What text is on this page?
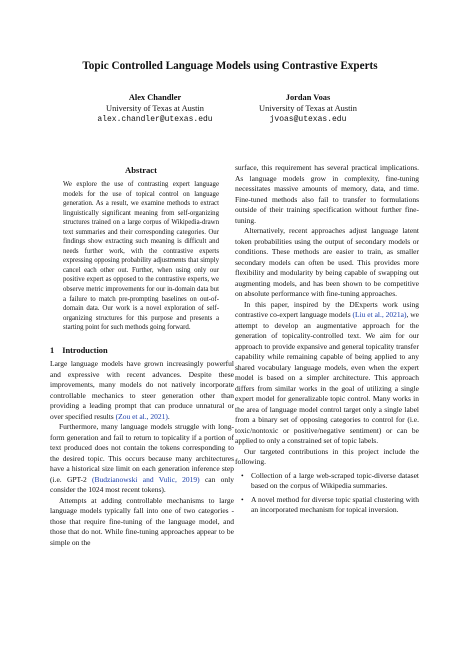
Topic Controlled Language Models using Contrastive Experts
Alex Chandler
University of Texas at Austin
alex.chandler@utexas.edu
Jordan Voas
University of Texas at Austin
jvoas@utexas.edu
Abstract

We explore the use of contrasting expert language models for the use of topical control on language generation. As a result, we examine methods to extract linguistically significant meaning from self-organizing structures trained on a large corpus of Wikipedia-drawn text summaries and their corresponding categories. Our findings show extracting such meaning is difficult and needs further work, with the contrastive experts expressing opposing probability adjustments that simply cancel each other out. Further, when using only our positive expert as opposed to the contrastive experts, we observe metric improvements for our in-domain data but a failure to match pre-prompting baselines on out-of-domain data. Our work is a novel exploration of self-organizing structures for this purpose and presents a starting point for such methods going forward.

1 Introduction

Large language models have grown increasingly powerful and expressive with recent advances. Despite these improvements, many models do not natively incorporate controllable mechanics to steer generation other than providing a leading prompt that can produce unnatural or over specified results (Zou et al., 2021).

Furthermore, many language models struggle with long-form generation and fail to return to topicality if a portion of text produced does not contain the tokens corresponding to the desired topic. This occurs because many architectures have a historical size limit on each generation inference step (i.e. GPT-2 (Budzianowski and Vulic, 2019) can only consider the 1024 most recent tokens).

Attempts at adding controllable mechanisms to large language models typically fall into one of two categories - those that require fine-tuning of the language model, and those that do not. While fine-tuning approaches appear to be simple on the

surface, this requirement has several practical implications. As language models grow in complexity, fine-tuning necessitates massive amounts of memory, data, and time. Fine-tuned methods also fail to transfer to formulations outside of their training specification without further fine-tuning.

Alternatively, recent approaches adjust language latent token probabilities using the output of secondary models or conditions. These methods are easier to train, as smaller secondary models can often be used. This provides more flexibility and modularity by being capable of swapping out augmenting models, and has been shown to be competitive on absolute performance with fine-tuning approaches.

In this paper, inspired by the DExperts work using contrastive co-expert language models (Liu et al., 2021a), we attempt to develop an augmentative approach for the generation of topicality-controlled text. We aim for our approach to provide expansive and general topicality transfer capability while remaining capable of being applied to any shared vocabulary language models, even when the expert model is based on a simpler architecture. This approach differs from similar works in the goal of utilizing a single expert model for generalizable topic control. Many works in the area of language model control target only a single label from a binary set of opposing categories to control for (i.e. toxic/nontoxic or positive/negative sentiment) or can be applied to only a constrained set of topic labels.

Our targeted contributions in this project include the following.

• Collection of a large web-scraped topic-diverse dataset based on the corpus of Wikipedia summaries.
• A novel method for diverse topic spatial clustering with an incorporated mechanism for topical inversion.
